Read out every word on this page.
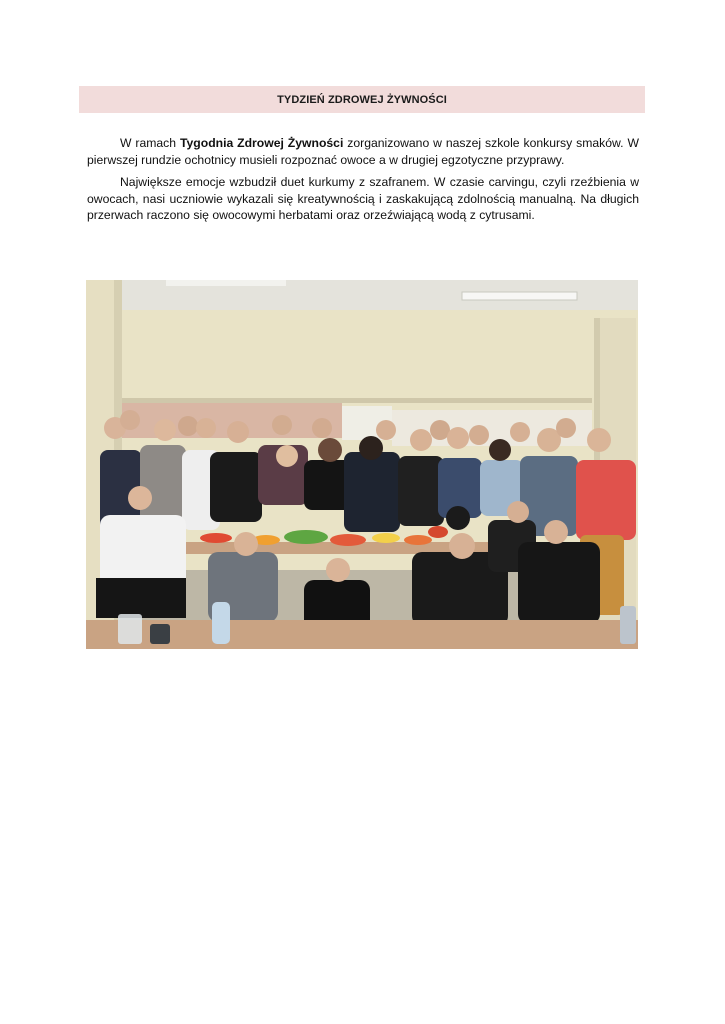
TYDZIEŃ ZDROWEJ ŻYWNOŚCI

W ramach Tygodnia Zdrowej Żywności zorganizowano w naszej szkole konkursy smaków. W pierwszej rundzie ochotnicy musieli rozpoznać owoce a w drugiej egzotyczne przyprawy.

Największe emocje wzbudził duet kurkumy z szafranem. W czasie carvingu, czyli rzeźbienia w owocach, nasi uczniowie wykazali się kreatywnością i zaskakującą zdolnością manualną. Na długich przerwach raczono się owocowymi herbatami oraz orzeźwiającą wodą z cytrusami.
